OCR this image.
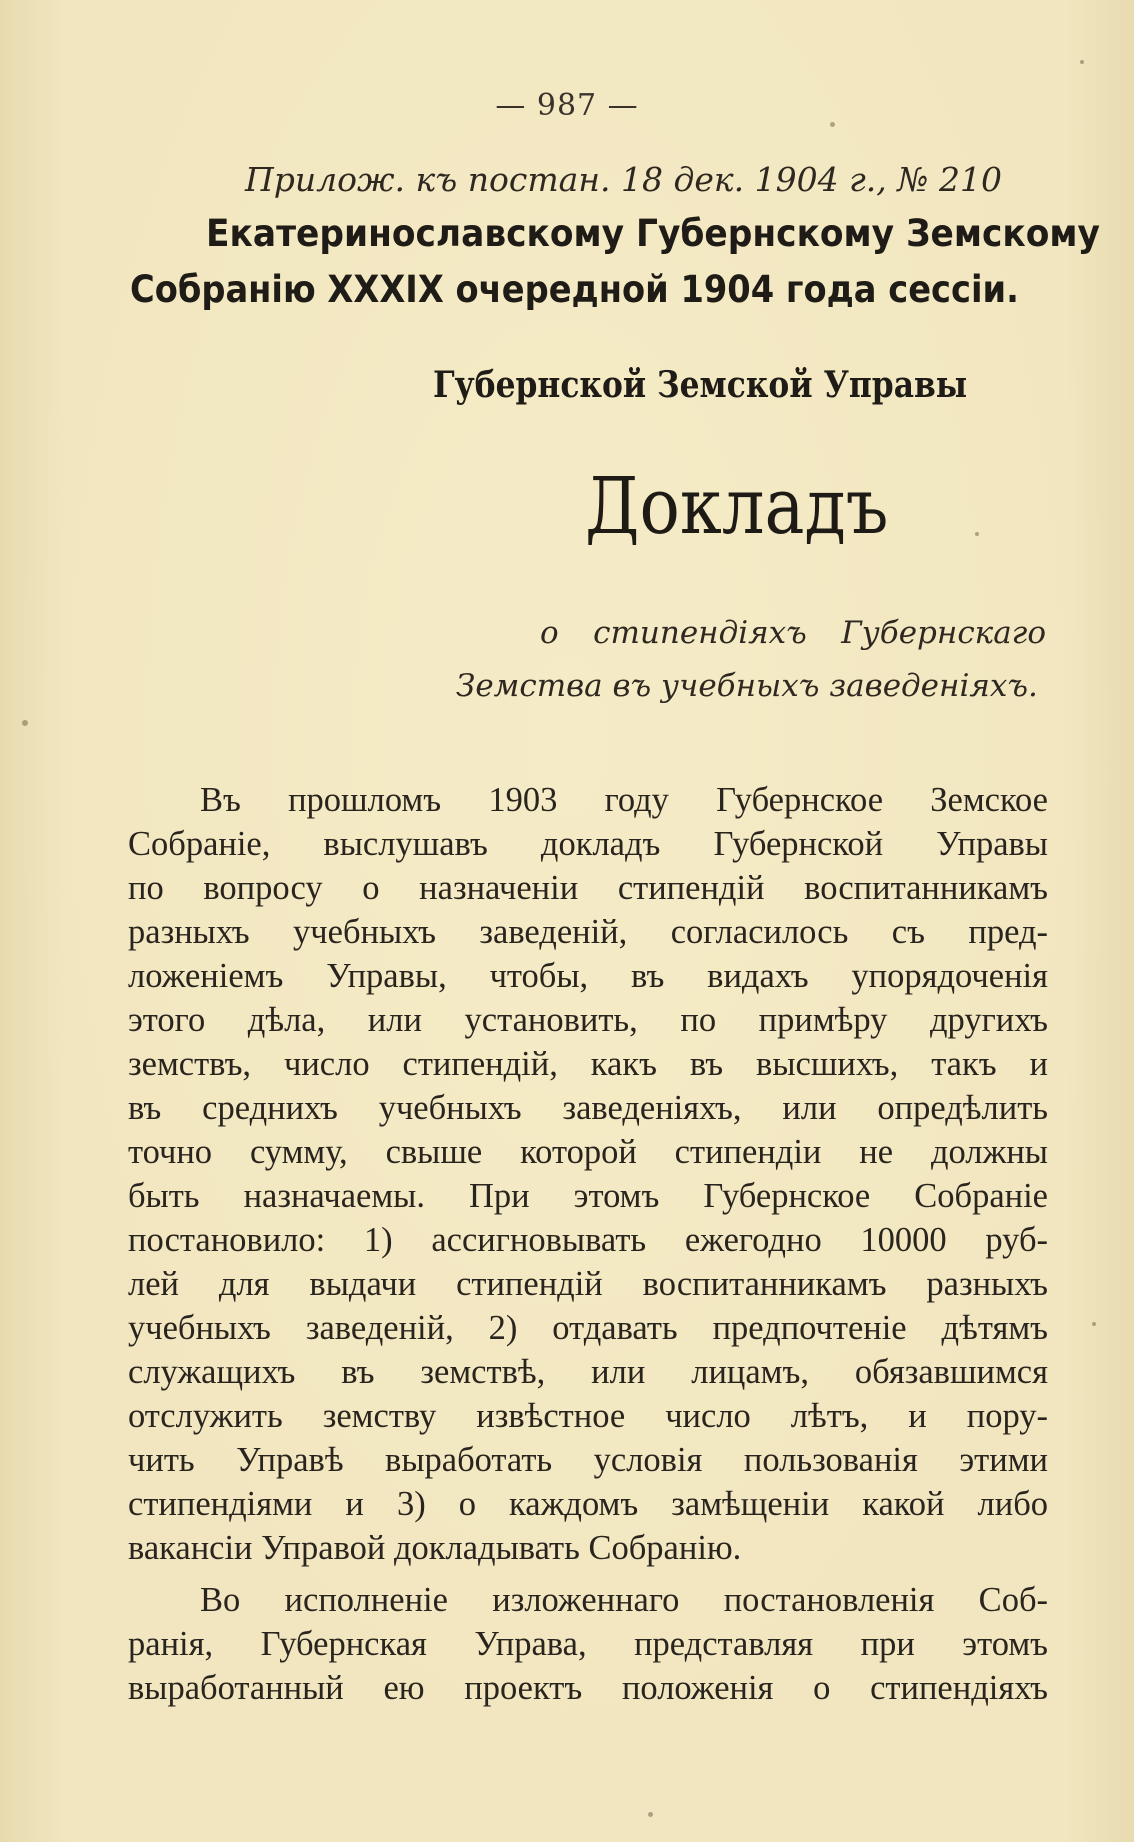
— 987 —
Прилож. къ постан. 18 дек. 1904 г., № 210
Екатеринославскому Губернскому Земскому
Собранію XXXIX очередной 1904 года сессіи.
Губернской Земской Управы
Докладъ
о стипендіяхъ Губернскаго
Земства въ учебныхъ заведеніяхъ.
Въ прошломъ 1903 году Губернское Земское
Собраніе, выслушавъ докладъ Губернской Управы
по вопросу о назначеніи стипендій воспитанникамъ
разныхъ учебныхъ заведеній, согласилось съ пред-
ложеніемъ Управы, чтобы, въ видахъ упорядоченія
этого дѣла, или установить, по примѣру другихъ
земствъ, число стипендій, какъ въ высшихъ, такъ и
въ среднихъ учебныхъ заведеніяхъ, или опредѣлить
точно сумму, свыше которой стипендіи не должны
быть назначаемы. При этомъ Губернское Собраніе
постановило: 1) ассигновывать ежегодно 10000 руб-
лей для выдачи стипендій воспитанникамъ разныхъ
учебныхъ заведеній, 2) отдавать предпочтеніе дѣтямъ
служащихъ въ земствѣ, или лицамъ, обязавшимся
отслужить земству извѣстное число лѣтъ, и пору-
чить Управѣ выработать условія пользованія этими
стипендіями и 3) о каждомъ замѣщеніи какой либо
вакансіи Управой докладывать Собранію.
Во исполненіе изложеннаго постановленія Соб-
ранія, Губернская Управа, представляя при этомъ
выработанный ею проектъ положенія о стипендіяхъ
